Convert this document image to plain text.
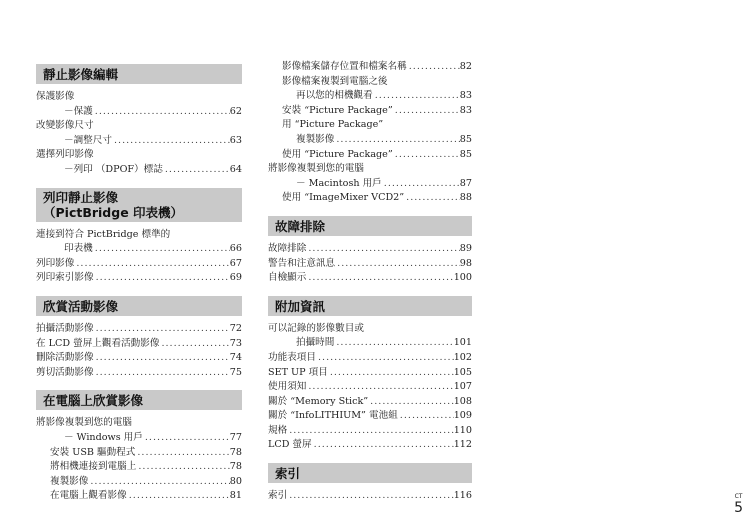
靜止影像編輯
保護影像
－保護 .....	62
改變影像尺寸
－調整尺寸 .....	63
選擇列印影像
－列印 （DPOF）標誌 .....	64
列印靜止影像
（PictBridge 印表機）
連接到符合 PictBridge 標準的
印表機 .....	66
列印影像 .....	67
列印索引影像 .....	69
欣賞活動影像
拍攝活動影像 .....	72
在 LCD 螢屏上觀看活動影像 .....	73
刪除活動影像 .....	74
剪切活動影像 .....	75
在電腦上欣賞影像
將影像複製到您的電腦
－ Windows 用戶 .....	77
安裝 USB 驅動程式 .....	78
將相機連接到電腦上 .....	78
複製影像 .....	80
在電腦上觀看影像 .....	81
影像檔案儲存位置和檔案名稱 .....	82
影像檔案複製到電腦之後
再以您的相機觀看 .....	83
安裝 “Picture Package” .....	83
用 “Picture Package”
複製影像 .....	85
使用 “Picture Package” .....	85
將影像複製到您的電腦
－ Macintosh 用戶 .....	87
使用 “ImageMixer VCD2” .....	88
故障排除
故障排除 .....	89
警告和注意訊息 .....	98
自檢顯示 .....	100
附加資訊
可以記錄的影像數目或
拍攝時間 .....	101
功能表項目 .....	102
SET UP 項目 .....	105
使用須知 .....	107
關於 “Memory Stick” .....	108
關於 “InfoLITHIUM” 電池組 .....	109
規格 .....	110
LCD 螢屏 .....	112
索引
索引 .....	116	CT
5
